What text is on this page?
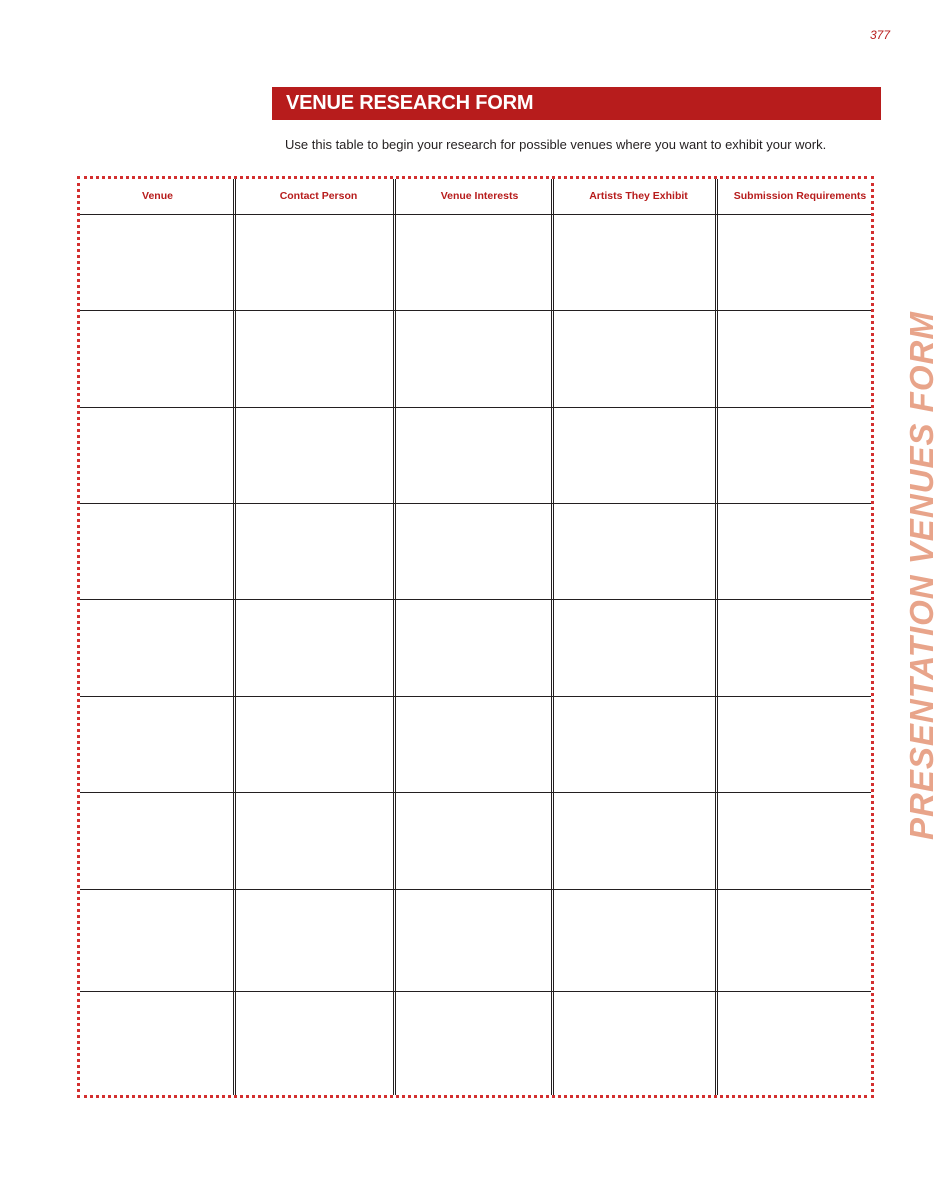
377
VENUE RESEARCH FORM
Use this table to begin your research for possible venues where you want to exhibit your work.
Venue	Contact Person	Venue Interests	Artists They Exhibit	Submission Requirements
PRESENTATION VENUES FORM
